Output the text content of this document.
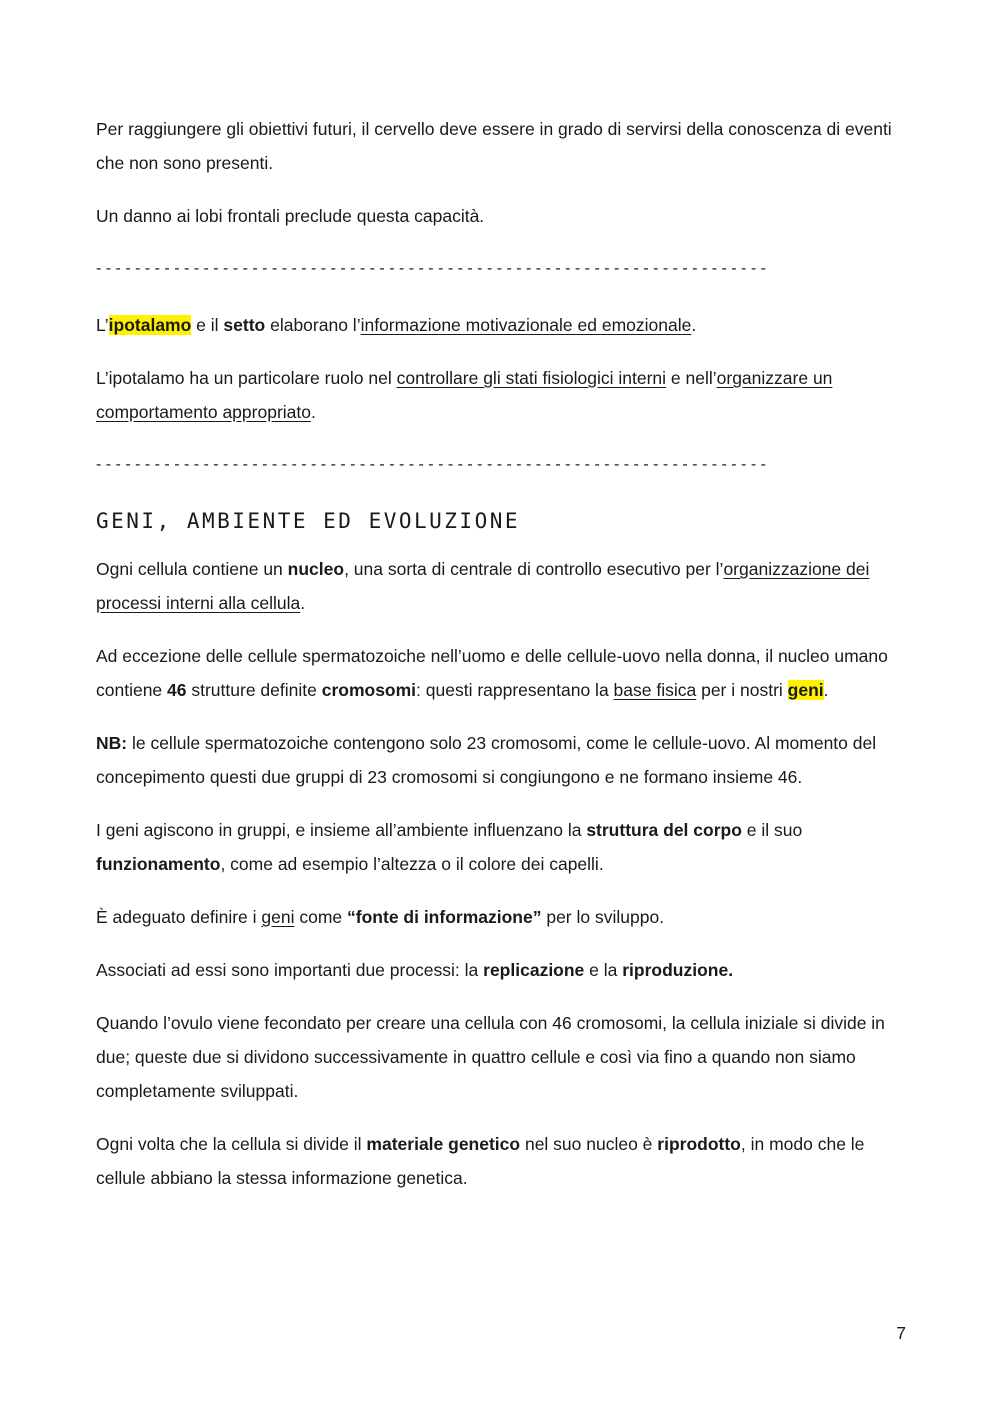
Per raggiungere gli obiettivi futuri, il cervello deve essere in grado di servirsi della conoscenza di eventi che non sono presenti.

Un danno ai lobi frontali preclude questa capacità.

- - - - - - - - - - - - - - - - - - - - - - - - - - - - - - - - - - - - - - - - - - - - - - - - - - - - - - - - - - - - - - - - - - - - -

L’ipotalamo e il setto elaborano l’informazione motivazionale ed emozionale.

L’ipotalamo ha un particolare ruolo nel controllare gli stati fisiologici interni e nell’organizzare un comportamento appropriato.

- - - - - - - - - - - - - - - - - - - - - - - - - - - - - - - - - - - - - - - - - - - - - - - - - - - - - - - - - - - - - - - - - - - - -
GENI, AMBIENTE ED EVOLUZIONE

Ogni cellula contiene un nucleo, una sorta di centrale di controllo esecutivo per l’organizzazione dei processi interni alla cellula.

Ad eccezione delle cellule spermatozoiche nell’uomo e delle cellule-uovo nella donna, il nucleo umano contiene 46 strutture definite cromosomi: questi rappresentano la base fisica per i nostri geni.

NB: le cellule spermatozoiche contengono solo 23 cromosomi, come le cellule-uovo. Al momento del concepimento questi due gruppi di 23 cromosomi si congiungono e ne formano insieme 46.

I geni agiscono in gruppi, e insieme all’ambiente influenzano la struttura del corpo e il suo funzionamento, come ad esempio l’altezza o il colore dei capelli.

È adeguato definire i geni come “fonte di informazione” per lo sviluppo.

Associati ad essi sono importanti due processi: la replicazione e la riproduzione.

Quando l’ovulo viene fecondato per creare una cellula con 46 cromosomi, la cellula iniziale si divide in due; queste due si dividono successivamente in quattro cellule e così via fino a quando non siamo completamente sviluppati.

Ogni volta che la cellula si divide il materiale genetico nel suo nucleo è riprodotto, in modo che le cellule abbiano la stessa informazione genetica.

7
